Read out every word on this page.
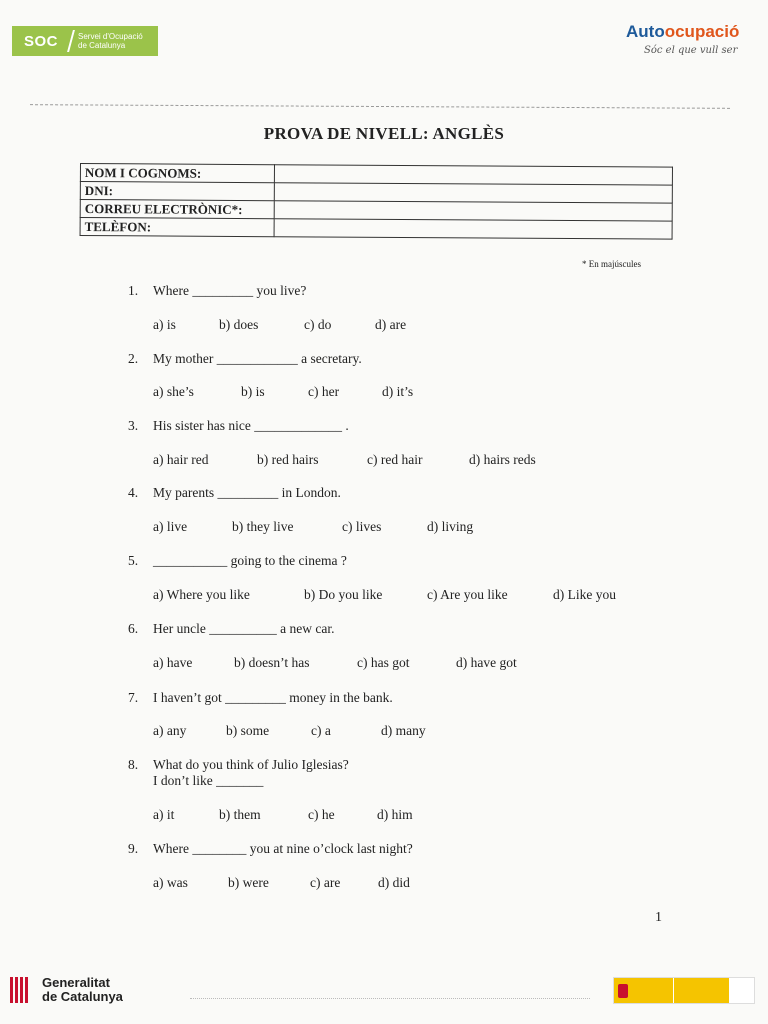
SOC	Servei d'Ocupació
de Catalunya
Autoocupació
Sóc el que vull ser
PROVA DE NIVELL: ANGLÈS
NOM I COGNOMS:	
DNI:	
CORREU ELECTRÒNIC*:	
TELÈFON:	
* En majúscules
1. Where _________ you live?
a) is	b) does	c) do	d) are
2. My mother ____________ a secretary.
a) she’s	b) is	c) her	d) it’s
3. His sister has nice _____________ .
a) hair red	b) red hairs	c) red hair	d) hairs reds
4. My parents _________ in London.
a) live	b) they live	c) lives	d) living
5. ___________ going to the cinema ?
a) Where you like	b) Do you like	c) Are you like	d) Like you
6. Her uncle __________ a new car.
a) have	b) doesn’t has	c) has got	d) have got
7. I haven’t got _________ money in the bank.
a) any	b) some	c) a	d) many
8. What do you think of Julio Iglesias?
I don’t like _______
a) it	b) them	c) he	d) him
9. Where ________ you at nine o’clock last night?
a) was	b) were	c) are	d) did
1
Generalitat
de Catalunya
